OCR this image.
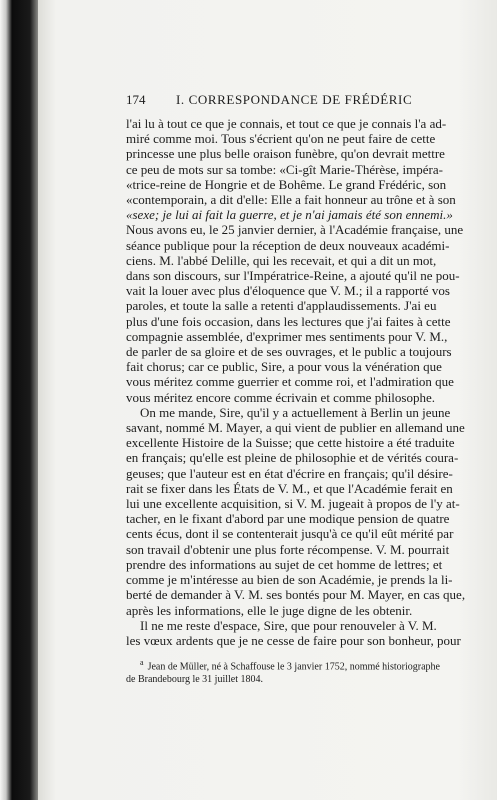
174 I. CORRESPONDANCE DE FRÉDÉRIC

l'ai lu à tout ce que je connais, et tout ce que je connais l'a ad-
miré comme moi. Tous s'écrient qu'on ne peut faire de cette
princesse une plus belle oraison funèbre, qu'on devrait mettre
ce peu de mots sur sa tombe: «Ci-gît Marie-Thérèse, impéra-
«trice-reine de Hongrie et de Bohême. Le grand Frédéric, son
«contemporain, a dit d'elle: Elle a fait honneur au trône et à son
«sexe; je lui ai fait la guerre, et je n'ai jamais été son ennemi.»
Nous avons eu, le 25 janvier dernier, à l'Académie française, une
séance publique pour la réception de deux nouveaux académi-
ciens. M. l'abbé Delille, qui les recevait, et qui a dit un mot,
dans son discours, sur l'Impératrice-Reine, a ajouté qu'il ne pou-
vait la louer avec plus d'éloquence que V. M.; il a rapporté vos
paroles, et toute la salle a retenti d'applaudissements. J'ai eu
plus d'une fois occasion, dans les lectures que j'ai faites à cette
compagnie assemblée, d'exprimer mes sentiments pour V. M.,
de parler de sa gloire et de ses ouvrages, et le public a toujours
fait chorus; car ce public, Sire, a pour vous la vénération que
vous méritez comme guerrier et comme roi, et l'admiration que
vous méritez encore comme écrivain et comme philosophe.

On me mande, Sire, qu'il y a actuellement à Berlin un jeune
savant, nommé M. Mayer, a qui vient de publier en allemand une
excellente Histoire de la Suisse; que cette histoire a été traduite
en français; qu'elle est pleine de philosophie et de vérités coura-
geuses; que l'auteur est en état d'écrire en français; qu'il désire-
rait se fixer dans les États de V. M., et que l'Académie ferait en
lui une excellente acquisition, si V. M. jugeait à propos de l'y at-
tacher, en le fixant d'abord par une modique pension de quatre
cents écus, dont il se contenterait jusqu'à ce qu'il eût mérité par
son travail d'obtenir une plus forte récompense. V. M. pourrait
prendre des informations au sujet de cet homme de lettres; et
comme je m'intéresse au bien de son Académie, je prends la li-
berté de demander à V. M. ses bontés pour M. Mayer, en cas que,
après les informations, elle le juge digne de les obtenir.

Il ne me reste d'espace, Sire, que pour renouveler à V. M.
les vœux ardents que je ne cesse de faire pour son bonheur, pour

$^a$ Jean de Müller, né à Schaffouse le 3 janvier 1752, nommé historiographe
de Brandebourg le 31 juillet 1804.
